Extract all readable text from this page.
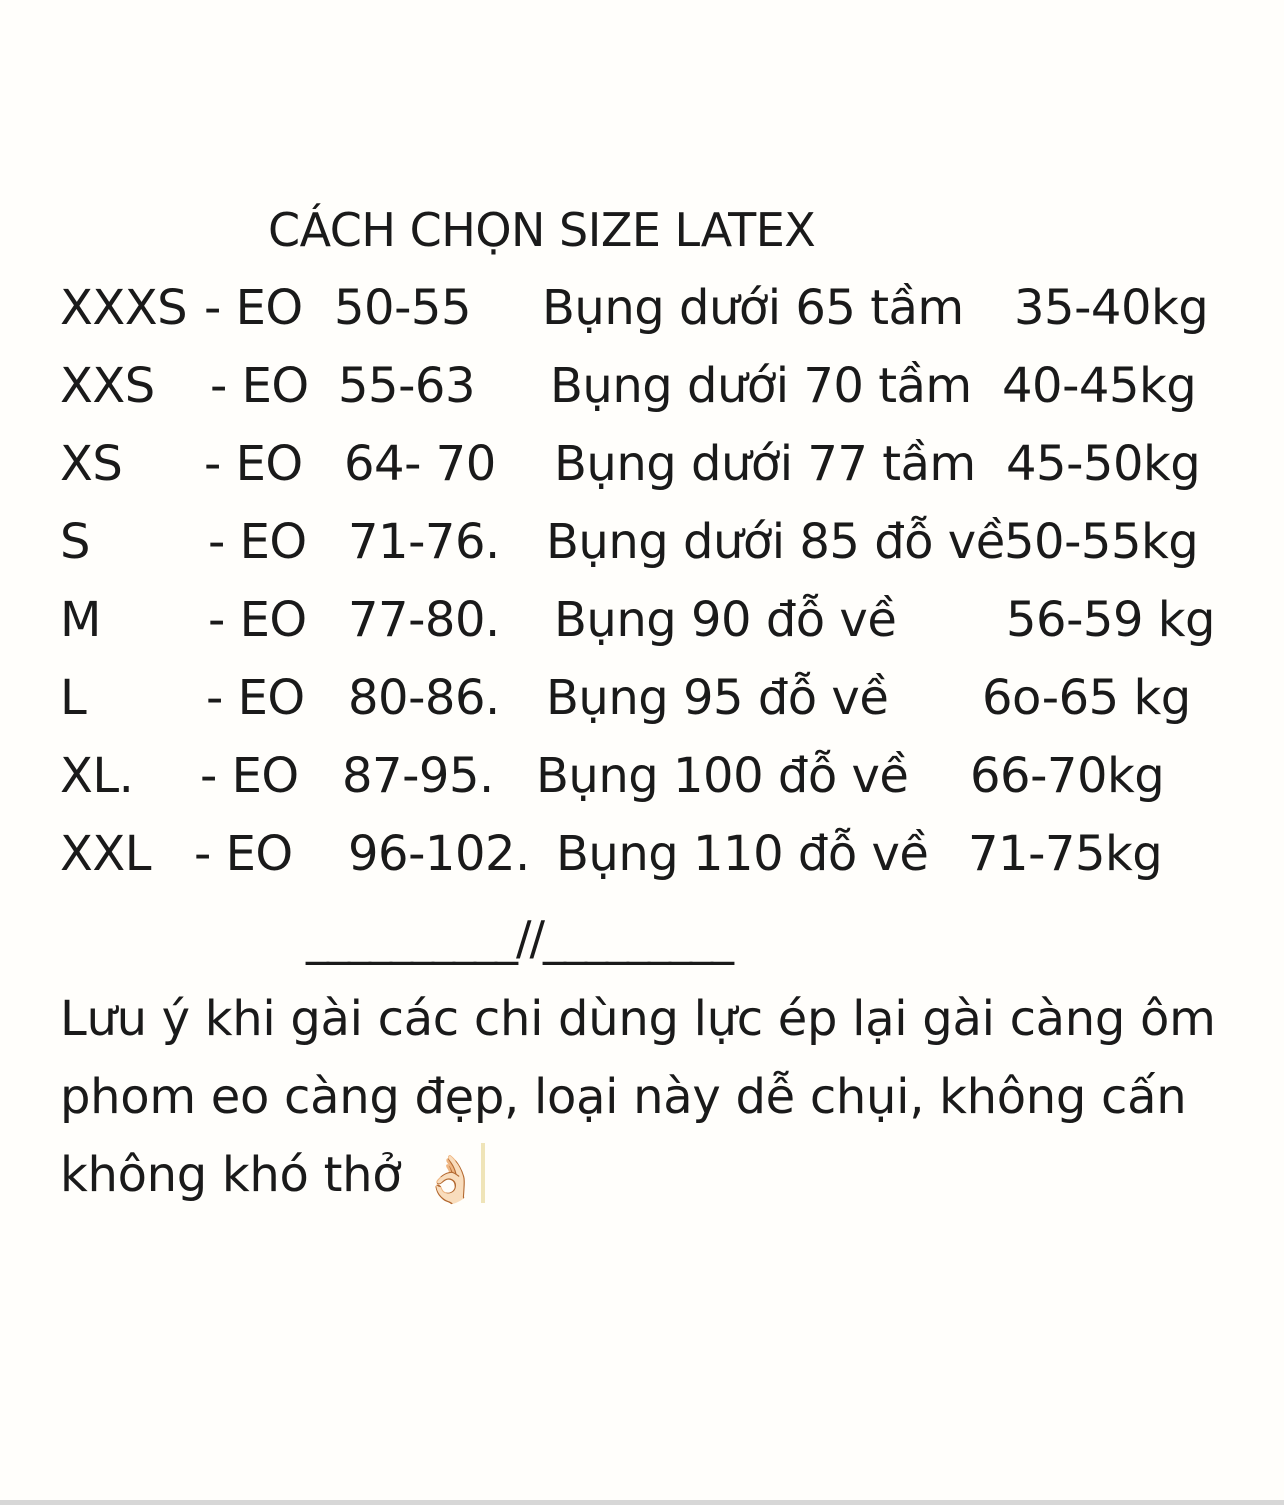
CÁCH CHỌN SIZE LATEX
XXXS - EO 50-55 Bụng dưới 65 tầm 35-40kg
XXS - EO 55-63 Bụng dưới 70 tầm 40-45kg
XS - EO 64- 70 Bụng dưới 77 tầm 45-50kg
S - EO 71-76. Bụng dưới 85 đỗ về 50-55kg
M - EO 77-80. Bụng 90 đỗ về 56-59 kg
L - EO 80-86. Bụng 95 đỗ về 6o-65 kg
XL. - EO 87-95. Bụng 100 đỗ về 66-70kg
XXL - EO 96-102. Bụng 110 đỗ về 71-75kg
__________//_________
Lưu ý khi gài các chi dùng lực ép lại gài càng ôm
phom eo càng đẹp, loại này dễ chụi, không cấn
không khó thở 👌🏻
